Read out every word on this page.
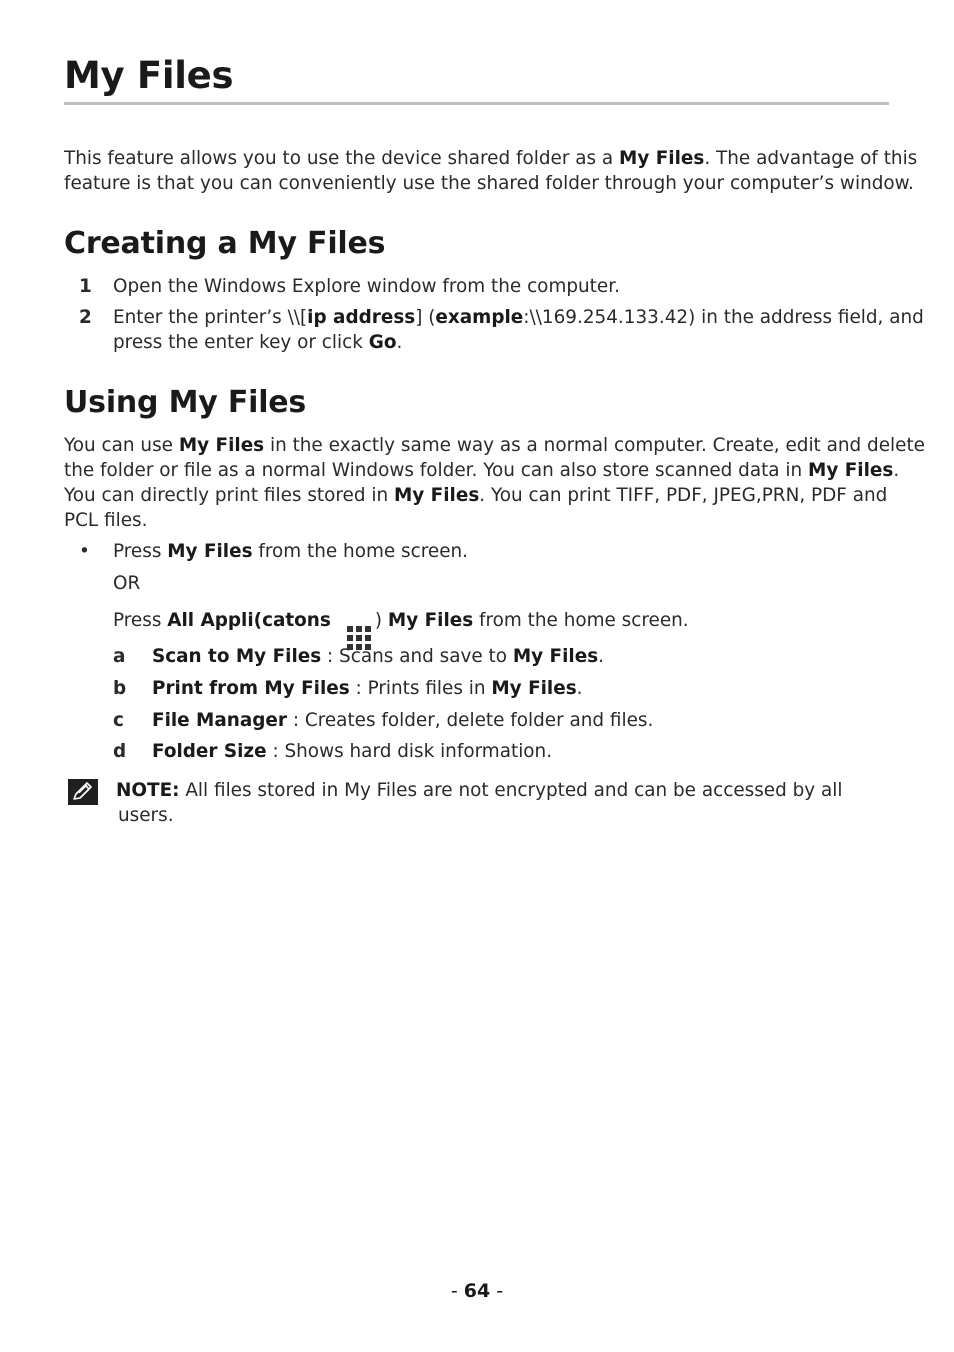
My Files

This feature allows you to use the device shared folder as a My Files. The advantage of this

feature is that you can conveniently use the shared folder through your computer’s window.

Creating a My Files
1 Open the Windows Explore window from the computer.

2 Enter the printer’s \\[ip address] (example:\\169.254.133.42) in the address field, and

press the enter key or click Go.

Using My Files

You can use My Files in the exactly same way as a normal computer. Create, edit and delete

the folder or file as a normal Windows folder. You can also store scanned data in My Files.

You can directly print files stored in My Files. You can print TIFF, PDF, JPEG,PRN, PDF and

PCL files.

• Press My Files from the home screen.

OR

Press All Appli(catons ) My Files from the home screen.

a Scan to My Files : Scans and save to My Files.

b Print from My Files : Prints files in My Files.

c File Manager : Creates folder, delete folder and files.

d Folder Size : Shows hard disk information.

NOTE: All files stored in My Files are not encrypted and can be accessed by all

users.

- 64 -
